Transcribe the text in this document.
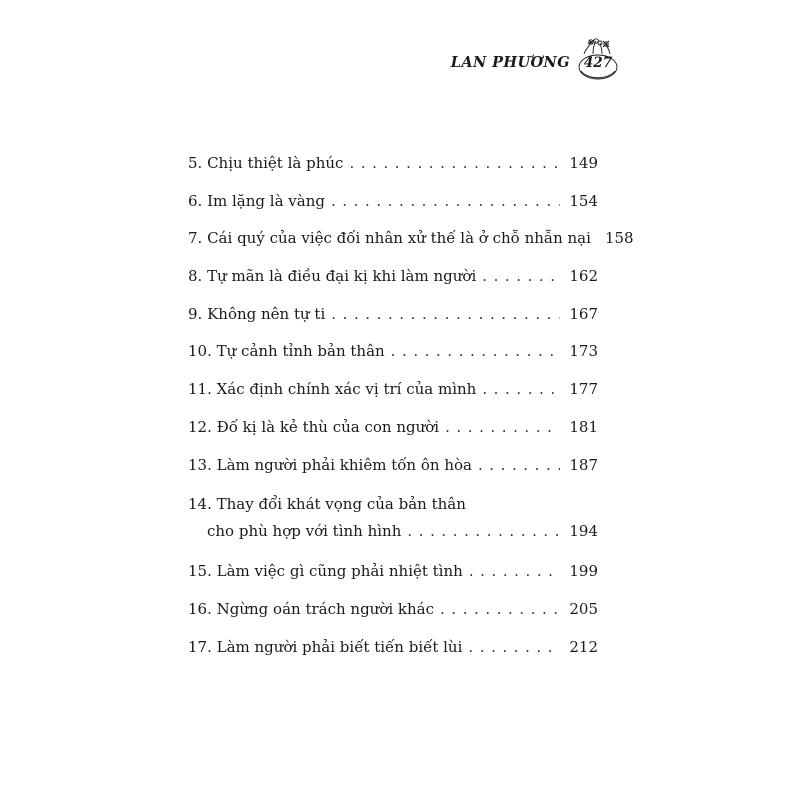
LAN PHƯƠNG	427
5. Chịu thiệt là phúc . . .	149
6. Im lặng là vàng . . .	154
7. Cái quý của việc đối nhân xử thế là ở chỗ nhẫn nại 158
8. Tự mãn là điều đại kị khi làm người . . .	162
9. Không nên tự ti . . .	167
10. Tự cảnh tỉnh bản thân . . .	173
11. Xác định chính xác vị trí của mình . . .	177
12. Đố kị là kẻ thù của con người . . .	181
13. Làm người phải khiêm tốn ôn hòa . . .	187
14. Thay đổi khát vọng của bản thân
cho phù hợp với tình hình . . .	194
15. Làm việc gì cũng phải nhiệt tình . . .	199
16. Ngừng oán trách người khác . . .	205
17. Làm người phải biết tiến biết lùi . . .	212
